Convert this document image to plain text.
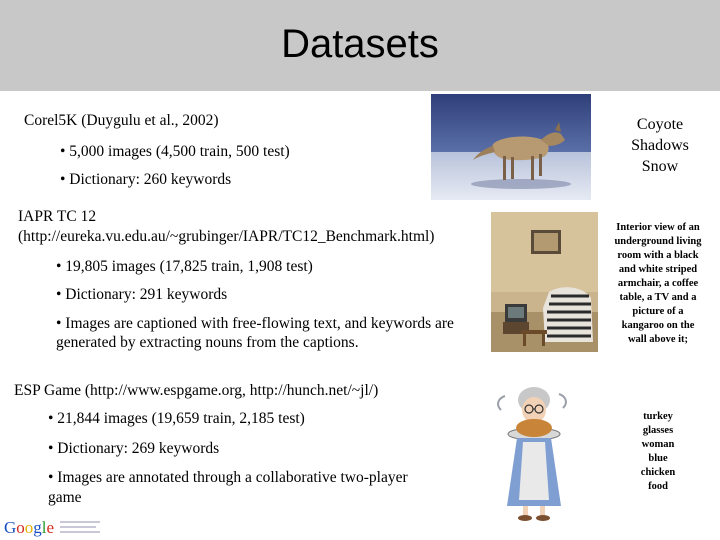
Datasets
Corel5K (Duygulu et al., 2002)
• 5,000 images (4,500 train, 500 test)
• Dictionary: 260 keywords
Coyote
Shadows
Snow
IAPR TC 12
(http://eureka.vu.edu.au/~grubinger/IAPR/TC12_Benchmark.html)
• 19,805 images (17,825 train, 1,908 test)
• Dictionary: 291 keywords
• Images are captioned with free-flowing text, and keywords are
generated by extracting nouns from the captions.
Interior view of an
underground living
room with a black
and white striped
armchair, a coffee
table, a TV and a
picture of a
kangaroo on the
wall above it;
ESP Game (http://www.espgame.org, http://hunch.net/~jl/)
• 21,844 images (19,659 train, 2,185 test)
• Dictionary: 269 keywords
• Images are annotated through a collaborative two-player
game
turkey
glasses
woman
blue
chicken
food
Google
